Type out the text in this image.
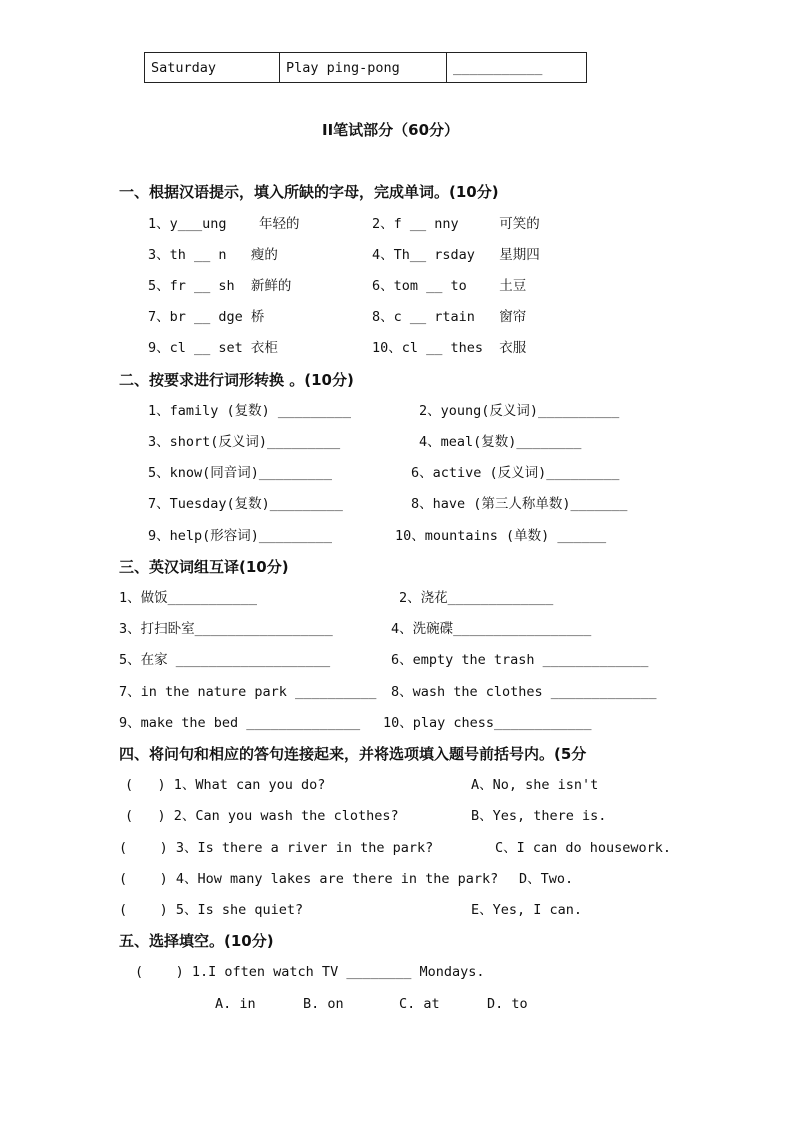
Saturday	Play ping-pong	___________
II笔试部分（60分）
一、根据汉语提示，填入所缺的字母，完成单词。(10分)
1、y___ung    年轻的	2、f __ nny     可笑的
3、th __ n   瘦的	4、Th__ rsday   星期四
5、fr __ sh  新鲜的	6、tom __ to    土豆
7、br __ dge 桥	8、c __ rtain   窗帘
9、cl __ set 衣柜	10、cl __ thes  衣服
二、按要求进行词形转换 。(10分)
1、family (复数) _________	2、young(反义词)__________
3、short(反义词)_________	4、meal(复数)________
5、know(同音词)_________	6、active (反义词)_________
7、Tuesday(复数)_________	8、have (第三人称单数)_______
9、help(形容词)_________	10、mountains (单数) ______
三、英汉词组互译(10分)
1、做饭___________	2、浇花_____________
3、打扫卧室_________________	4、洗碗碟_________________
5、在家 ___________________	6、empty the trash _____________
7、in the nature park __________ 8、wash the clothes _____________
9、make the bed ______________ 10、play chess____________
四、将问句和相应的答句连接起来，并将选项填入题号前括号内。(5分
(   ) 1、What can you do?	A、No, she isn't
(   ) 2、Can you wash the clothes?	B、Yes, there is.
(    ) 3、Is there a river in the park?	C、I can do housework.
(    ) 4、How many lakes are there in the park? D、Two.
(    ) 5、Is she quiet?	E、Yes, I can.
五、选择填空。(10分)
(    ) 1.I often watch TV ________ Mondays.
A. in	B. on	C. at	D. to
